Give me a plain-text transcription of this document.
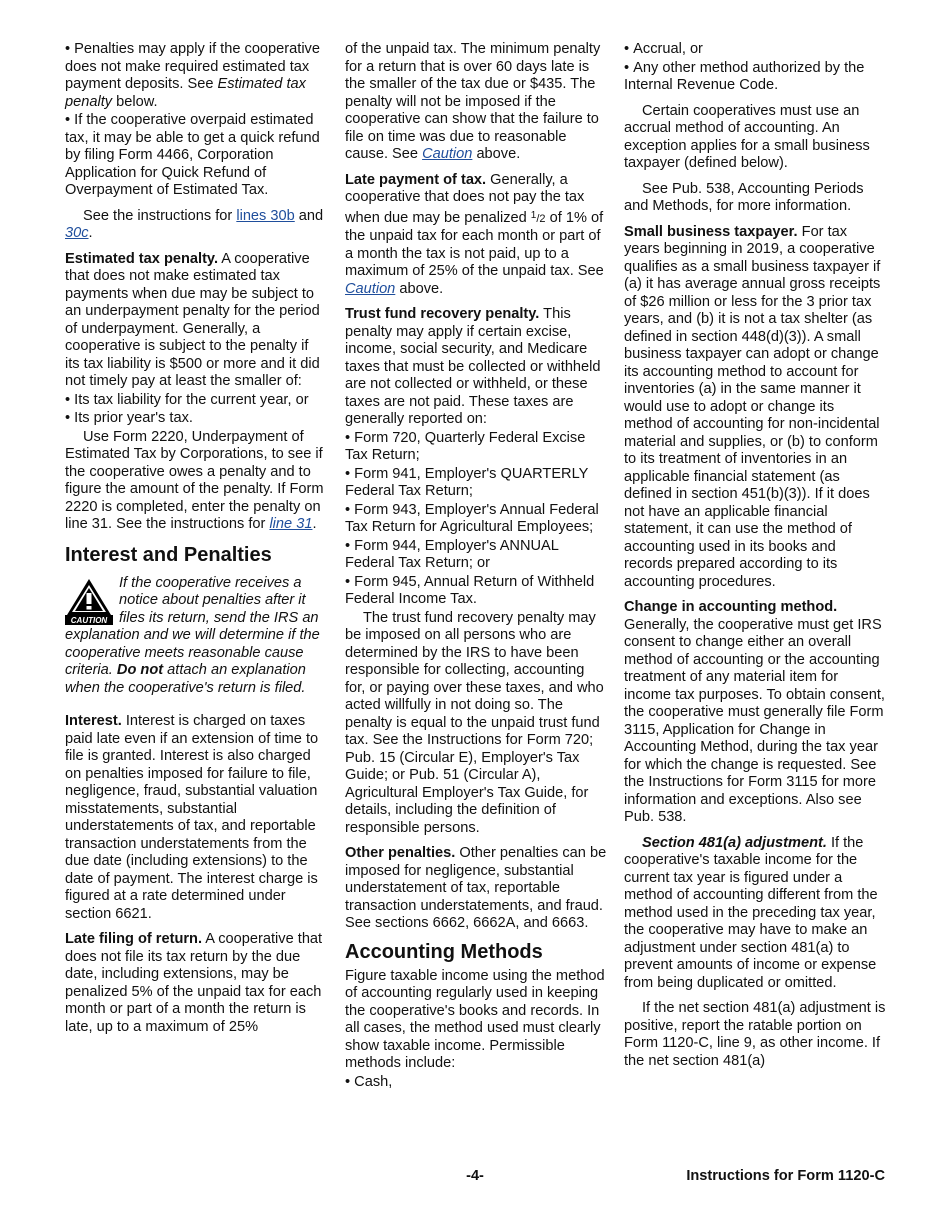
• Penalties may apply if the cooperative does not make required estimated tax payment deposits. See Estimated tax penalty below.

• If the cooperative overpaid estimated tax, it may be able to get a quick refund by filing Form 4466, Corporation Application for Quick Refund of Overpayment of Estimated Tax.

See the instructions for lines 30b and 30c.

Estimated tax penalty. A cooperative that does not make estimated tax payments when due may be subject to an underpayment penalty for the period of underpayment. Generally, a cooperative is subject to the penalty if its tax liability is $500 or more and it did not timely pay at least the smaller of:

• Its tax liability for the current year, or

• Its prior year's tax.

Use Form 2220, Underpayment of Estimated Tax by Corporations, to see if the cooperative owes a penalty and to figure the amount of the penalty. If Form 2220 is completed, enter the penalty on line 31. See the instructions for line 31.

Interest and Penalties
CAUTION
If the cooperative receives a notice about penalties after it files its return, send the IRS an explanation and we will determine if the cooperative meets reasonable cause criteria. Do not attach an explanation when the cooperative's return is filed.

Interest. Interest is charged on taxes paid late even if an extension of time to file is granted. Interest is also charged on penalties imposed for failure to file, negligence, fraud, substantial valuation misstatements, substantial understatements of tax, and reportable transaction understatements from the due date (including extensions) to the date of payment. The interest charge is figured at a rate determined under section 6621.

Late filing of return. A cooperative that does not file its tax return by the due date, including extensions, may be penalized 5% of the unpaid tax for each month or part of a month the return is late, up to a maximum of 25%

of the unpaid tax. The minimum penalty for a return that is over 60 days late is the smaller of the tax due or $435. The penalty will not be imposed if the cooperative can show that the failure to file on time was due to reasonable cause. See Caution above.

Late payment of tax. Generally, a cooperative that does not pay the tax when due may be penalized $^1$/2 of 1% of the unpaid tax for each month or part of a month the tax is not paid, up to a maximum of 25% of the unpaid tax. See Caution above.

Trust fund recovery penalty. This penalty may apply if certain excise, income, social security, and Medicare taxes that must be collected or withheld are not collected or withheld, or these taxes are not paid. These taxes are generally reported on:

• Form 720, Quarterly Federal Excise Tax Return;

• Form 941, Employer's QUARTERLY Federal Tax Return;

• Form 943, Employer's Annual Federal Tax Return for Agricultural Employees;

• Form 944, Employer's ANNUAL Federal Tax Return; or

• Form 945, Annual Return of Withheld Federal Income Tax.

The trust fund recovery penalty may be imposed on all persons who are determined by the IRS to have been responsible for collecting, accounting for, or paying over these taxes, and who acted willfully in not doing so. The penalty is equal to the unpaid trust fund tax. See the Instructions for Form 720; Pub. 15 (Circular E), Employer's Tax Guide; or Pub. 51 (Circular A), Agricultural Employer's Tax Guide, for details, including the definition of responsible persons.

Other penalties. Other penalties can be imposed for negligence, substantial understatement of tax, reportable transaction understatements, and fraud. See sections 6662, 6662A, and 6663.

Accounting Methods

Figure taxable income using the method of accounting regularly used in keeping the cooperative's books and records. In all cases, the method used must clearly show taxable income. Permissible methods include:

• Cash,

• Accrual, or

• Any other method authorized by the Internal Revenue Code.

Certain cooperatives must use an accrual method of accounting. An exception applies for a small business taxpayer (defined below).

See Pub. 538, Accounting Periods and Methods, for more information.

Small business taxpayer. For tax years beginning in 2019, a cooperative qualifies as a small business taxpayer if (a) it has average annual gross receipts of $26 million or less for the 3 prior tax years, and (b) it is not a tax shelter (as defined in section 448(d)(3)). A small business taxpayer can adopt or change its accounting method to account for inventories (a) in the same manner it would use to adopt or change its method of accounting for non-incidental material and supplies, or (b) to conform to its treatment of inventories in an applicable financial statement (as defined in section 451(b)(3)). If it does not have an applicable financial statement, it can use the method of accounting used in its books and records prepared according to its accounting procedures.

Change in accounting method.
Generally, the cooperative must get IRS consent to change either an overall method of accounting or the accounting treatment of any material item for income tax purposes. To obtain consent, the cooperative must generally file Form 3115, Application for Change in Accounting Method, during the tax year for which the change is requested. See the Instructions for Form 3115 for more information and exceptions. Also see Pub. 538.

Section 481(a) adjustment. If the cooperative's taxable income for the current tax year is figured under a method of accounting different from the method used in the preceding tax year, the cooperative may have to make an adjustment under section 481(a) to prevent amounts of income or expense from being duplicated or omitted.

If the net section 481(a) adjustment is positive, report the ratable portion on Form 1120-C, line 9, as other income. If the net section 481(a)

-4-	Instructions for Form 1120-C
